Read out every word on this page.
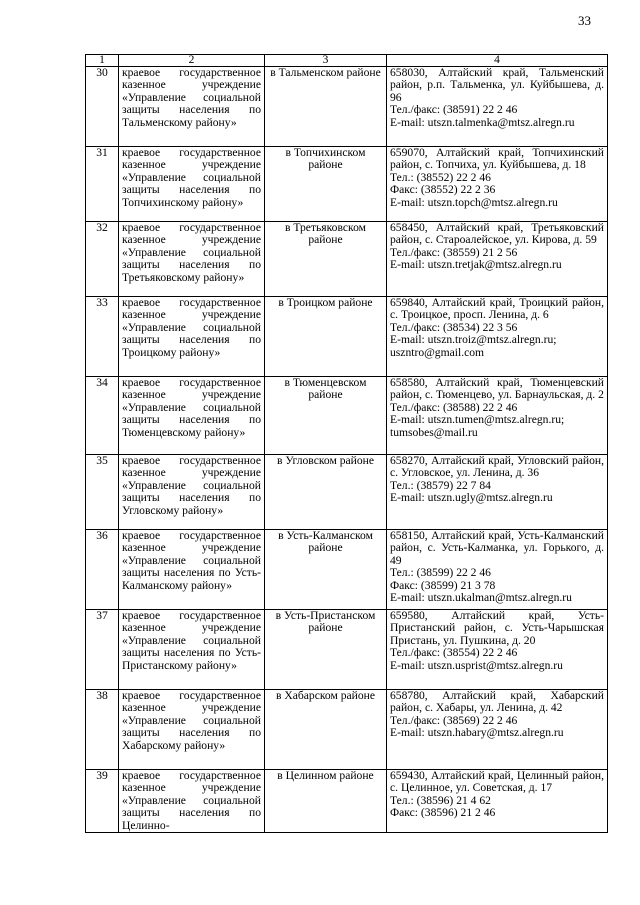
33
1	2	3	4
30	краевое государственное казенное учреждение «Управление социальной защиты населения по Тальменскому району»	в Тальменском районе	658030, Алтайский край, Тальменский район, р.п. Тальменка, ул. Куйбышева, д. 96
Тел./факс: (38591) 22 2 46
E-mail: utszn.talmenka@mtsz.alregn.ru

31	краевое государственное казенное учреждение «Управление социальной защиты населения по Топчихинскому району»	в Топчихинском районе	659070, Алтайский край, Топчихинский район, с. Топчиха, ул. Куйбышева, д. 18
Тел.: (38552) 22 2 46
Факс: (38552) 22 2 36
E-mail: utszn.topch@mtsz.alregn.ru

32	краевое государственное казенное учреждение «Управление социальной защиты населения по Третьяковскому району»	в Третьяковском районе	658450, Алтайский край, Третьяковский район, с. Староалейское, ул. Кирова, д. 59
Тел./факс: (38559) 21 2 56
E-mail: utszn.tretjak@mtsz.alregn.ru

33	краевое государственное казенное учреждение «Управление социальной защиты населения по Троицкому району»	в Троицком районе	659840, Алтайский край, Троицкий район, с. Троицкое, просп. Ленина, д. 6
Тел./факс: (38534) 22 3 56
E-mail: utszn.troiz@mtsz.alregn.ru;
uszntro@gmail.com

34	краевое государственное казенное учреждение «Управление социальной защиты населения по Тюменцевскому району»	в Тюменцевском районе	658580, Алтайский край, Тюменцевский район, с. Тюменцево, ул. Барнаульская, д. 2
Тел./факс: (38588) 22 2 46
E-mail: utszn.tumen@mtsz.alregn.ru;
tumsobes@mail.ru

35	краевое государственное казенное учреждение «Управление социальной защиты населения по Угловскому району»	в Угловском районе	658270, Алтайский край, Угловский район, с. Угловское, ул. Ленина, д. 36
Тел.: (38579) 22 7 84
E-mail: utszn.ugly@mtsz.alregn.ru

36	краевое государственное казенное учреждение «Управление социальной защиты населения по Усть-Калманскому району»	в Усть-Калманском районе	658150, Алтайский край, Усть-Калманский район, с. Усть-Калманка, ул. Горького, д. 49
Тел.: (38599) 22 2 46
Факс: (38599) 21 3 78
E-mail: utszn.ukalman@mtsz.alregn.ru

37	краевое государственное казенное учреждение «Управление социальной защиты населения по Усть-Пристанскому району»	в Усть-Пристанском районе	659580, Алтайский край, Усть-Пристанский район, с. Усть-Чарышская Пристань, ул. Пушкина, д. 20
Тел./факс: (38554) 22 2 46
E-mail: utszn.usprist@mtsz.alregn.ru

38	краевое государственное казенное учреждение «Управление социальной защиты населения по Хабарскому району»	в Хабарском районе	658780, Алтайский край, Хабарский район, с. Хабары, ул. Ленина, д. 42
Тел./факс: (38569) 22 2 46
E-mail: utszn.habary@mtsz.alregn.ru

39	краевое государственное казенное учреждение «Управление социальной защиты населения по Целинно-	в Целинном районе	659430, Алтайский край, Целинный район, с. Целинное, ул. Советская, д. 17
Тел.: (38596) 21 4 62
Факс: (38596) 21 2 46
